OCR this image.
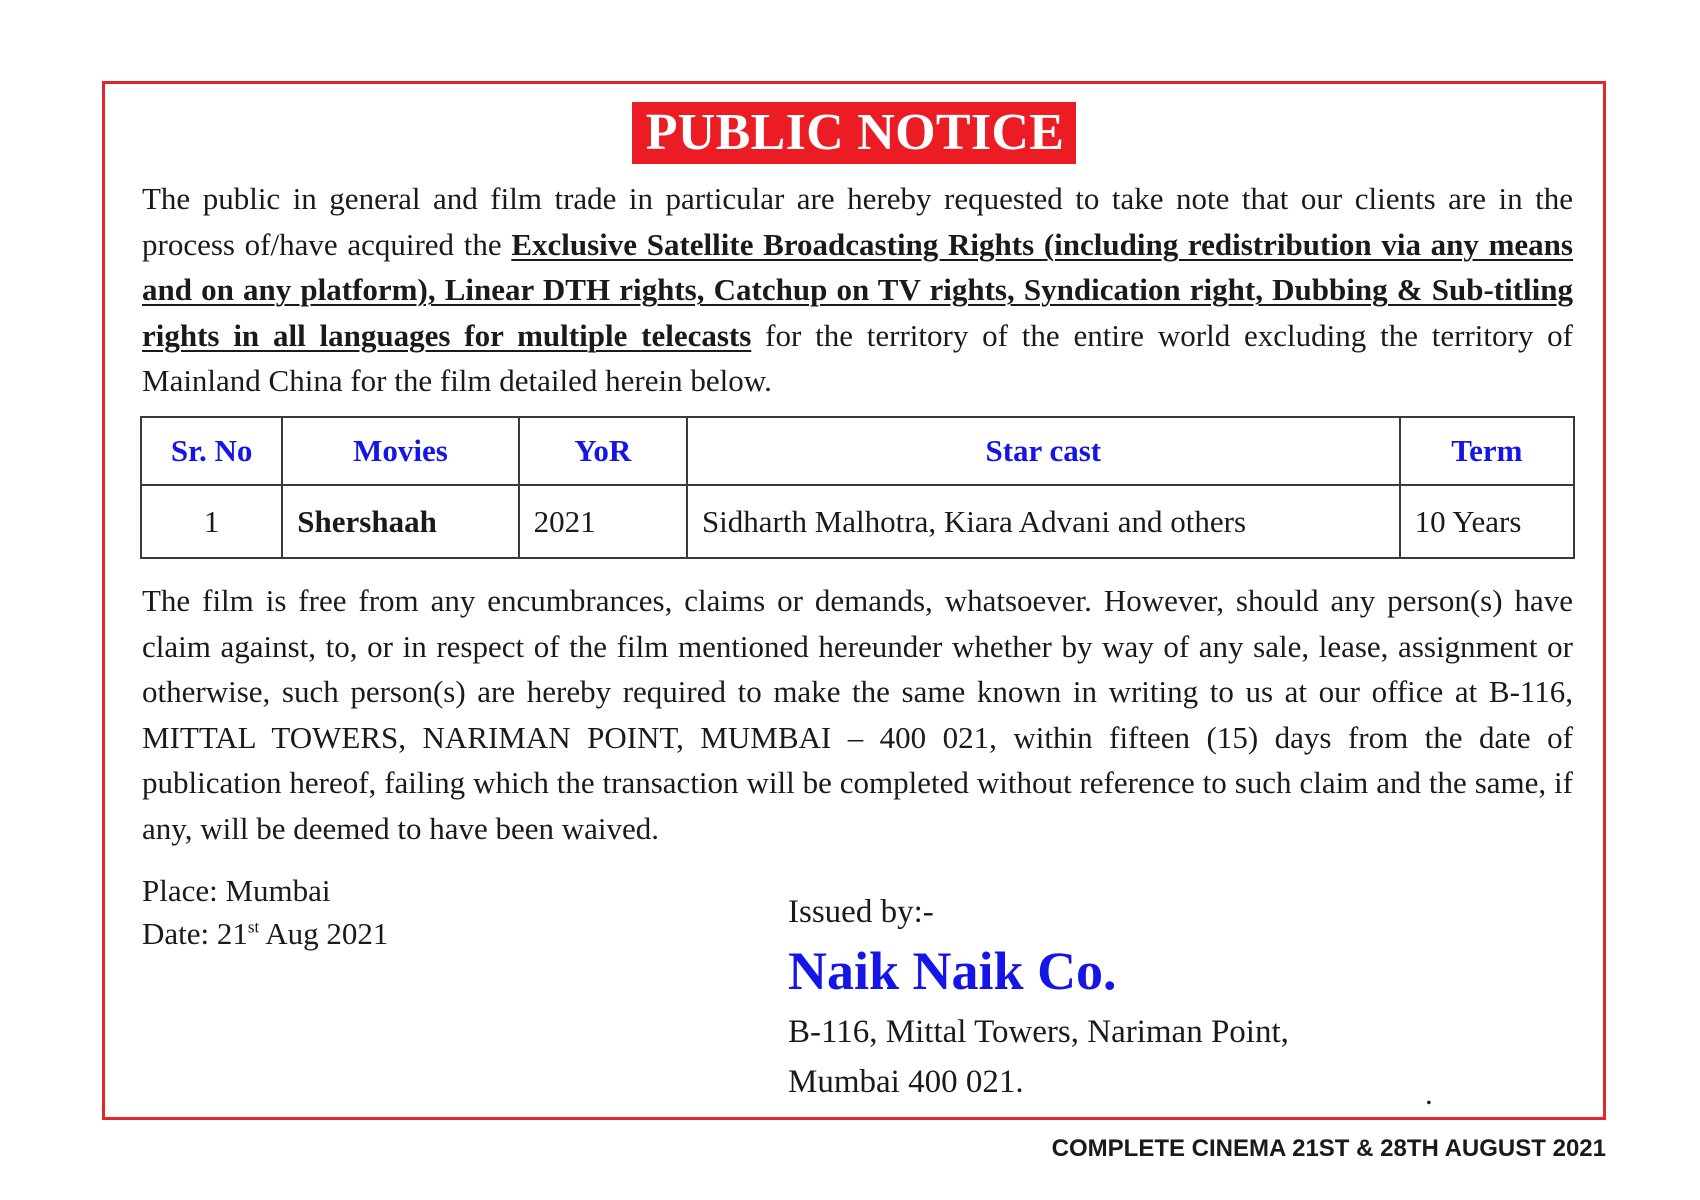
PUBLIC NOTICE

The public in general and film trade in particular are hereby requested to take note that our clients are in the process of/have acquired the Exclusive Satellite Broadcasting Rights (including redistribution via any means and on any platform), Linear DTH rights, Catchup on TV rights, Syndication right, Dubbing & Sub-titling rights in all languages for multiple telecasts for the territory of the entire world excluding the territory of Mainland China for the film detailed herein below.

Sr. No	Movies	YoR	Star cast	Term
1	Shershaah	2021	Sidharth Malhotra, Kiara Advani and others	10 Years

The film is free from any encumbrances, claims or demands, whatsoever. However, should any person(s) have claim against, to, or in respect of the film mentioned hereunder whether by way of any sale, lease, assignment or otherwise, such person(s) are hereby required to make the same known in writing to us at our office at B-116, MITTAL TOWERS, NARIMAN POINT, MUMBAI – 400 021, within fifteen (15) days from the date of publication hereof, failing which the transaction will be completed without reference to such claim and the same, if any, will be deemed to have been waived.

Place: Mumbai
Date: 21st Aug 2021
Issued by:-
Naik Naik Co.
B-116, Mittal Towers, Nariman Point,
Mumbai 400 021.	.
COMPLETE CINEMA 21ST & 28TH AUGUST 2021
